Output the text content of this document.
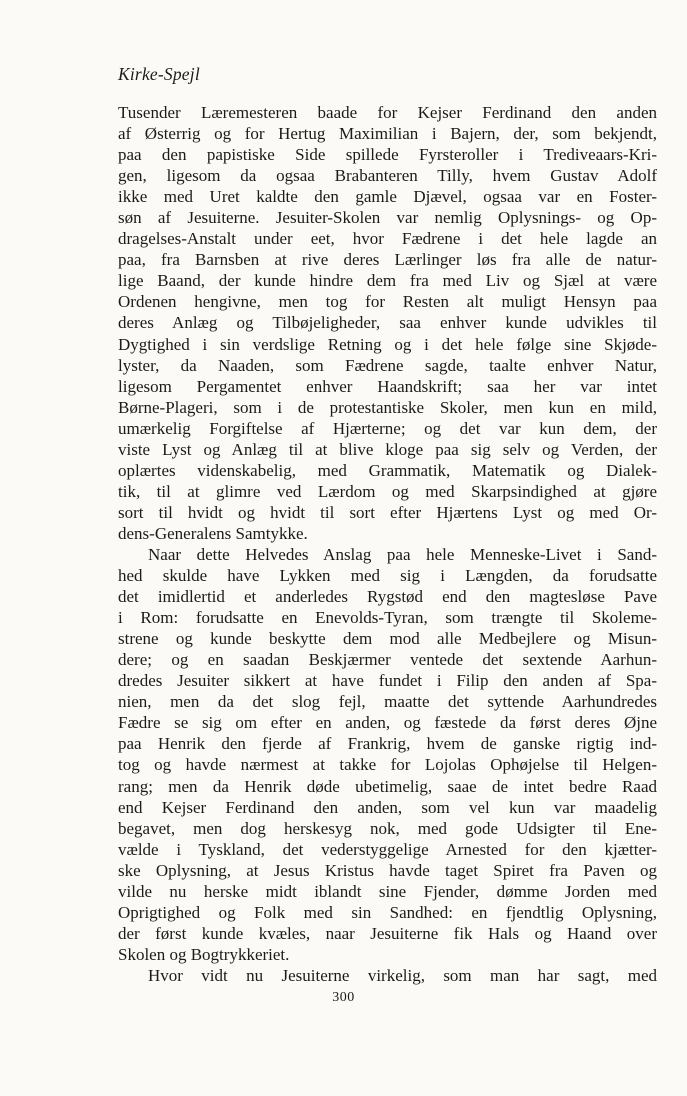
Kirke-Spejl
Tusender Læremesteren baade for Kejser Ferdinand den anden
af Østerrig og for Hertug Maximilian i Bajern, der, som bekjendt,
paa den papistiske Side spillede Fyrsteroller i Trediveaars-Kri-
gen, ligesom da ogsaa Brabanteren Tilly, hvem Gustav Adolf
ikke med Uret kaldte den gamle Djævel, ogsaa var en Foster-
søn af Jesuiterne. Jesuiter-Skolen var nemlig Oplysnings- og Op-
dragelses-Anstalt under eet, hvor Fædrene i det hele lagde an
paa, fra Barnsben at rive deres Lærlinger løs fra alle de natur-
lige Baand, der kunde hindre dem fra med Liv og Sjæl at være
Ordenen hengivne, men tog for Resten alt muligt Hensyn paa
deres Anlæg og Tilbøjeligheder, saa enhver kunde udvikles til
Dygtighed i sin verdslige Retning og i det hele følge sine Skjøde-
lyster, da Naaden, som Fædrene sagde, taalte enhver Natur,
ligesom Pergamentet enhver Haandskrift; saa her var intet
Børne-Plageri, som i de protestantiske Skoler, men kun en mild,
umærkelig Forgiftelse af Hjærterne; og det var kun dem, der
viste Lyst og Anlæg til at blive kloge paa sig selv og Verden, der
oplærtes videnskabelig, med Grammatik, Matematik og Dialek-
tik, til at glimre ved Lærdom og med Skarpsindighed at gjøre
sort til hvidt og hvidt til sort efter Hjærtens Lyst og med Or-
dens-Generalens Samtykke.
Naar dette Helvedes Anslag paa hele Menneske-Livet i Sand-
hed skulde have Lykken med sig i Længden, da forudsatte
det imidlertid et anderledes Rygstød end den magtesløse Pave
i Rom: forudsatte en Enevolds-Tyran, som trængte til Skoleme-
strene og kunde beskytte dem mod alle Medbejlere og Misun-
dere; og en saadan Beskjærmer ventede det sextende Aarhun-
dredes Jesuiter sikkert at have fundet i Filip den anden af Spa-
nien, men da det slog fejl, maatte det syttende Aarhundredes
Fædre se sig om efter en anden, og fæstede da først deres Øjne
paa Henrik den fjerde af Frankrig, hvem de ganske rigtig ind-
tog og havde nærmest at takke for Lojolas Ophøjelse til Helgen-
rang; men da Henrik døde ubetimelig, saae de intet bedre Raad
end Kejser Ferdinand den anden, som vel kun var maadelig
begavet, men dog herskesyg nok, med gode Udsigter til Ene-
vælde i Tyskland, det vederstyggelige Arnested for den kjætter-
ske Oplysning, at Jesus Kristus havde taget Spiret fra Paven og
vilde nu herske midt iblandt sine Fjender, dømme Jorden med
Oprigtighed og Folk med sin Sandhed: en fjendtlig Oplysning,
der først kunde kvæles, naar Jesuiterne fik Hals og Haand over
Skolen og Bogtrykkeriet.
Hvor vidt nu Jesuiterne virkelig, som man har sagt, med
300
